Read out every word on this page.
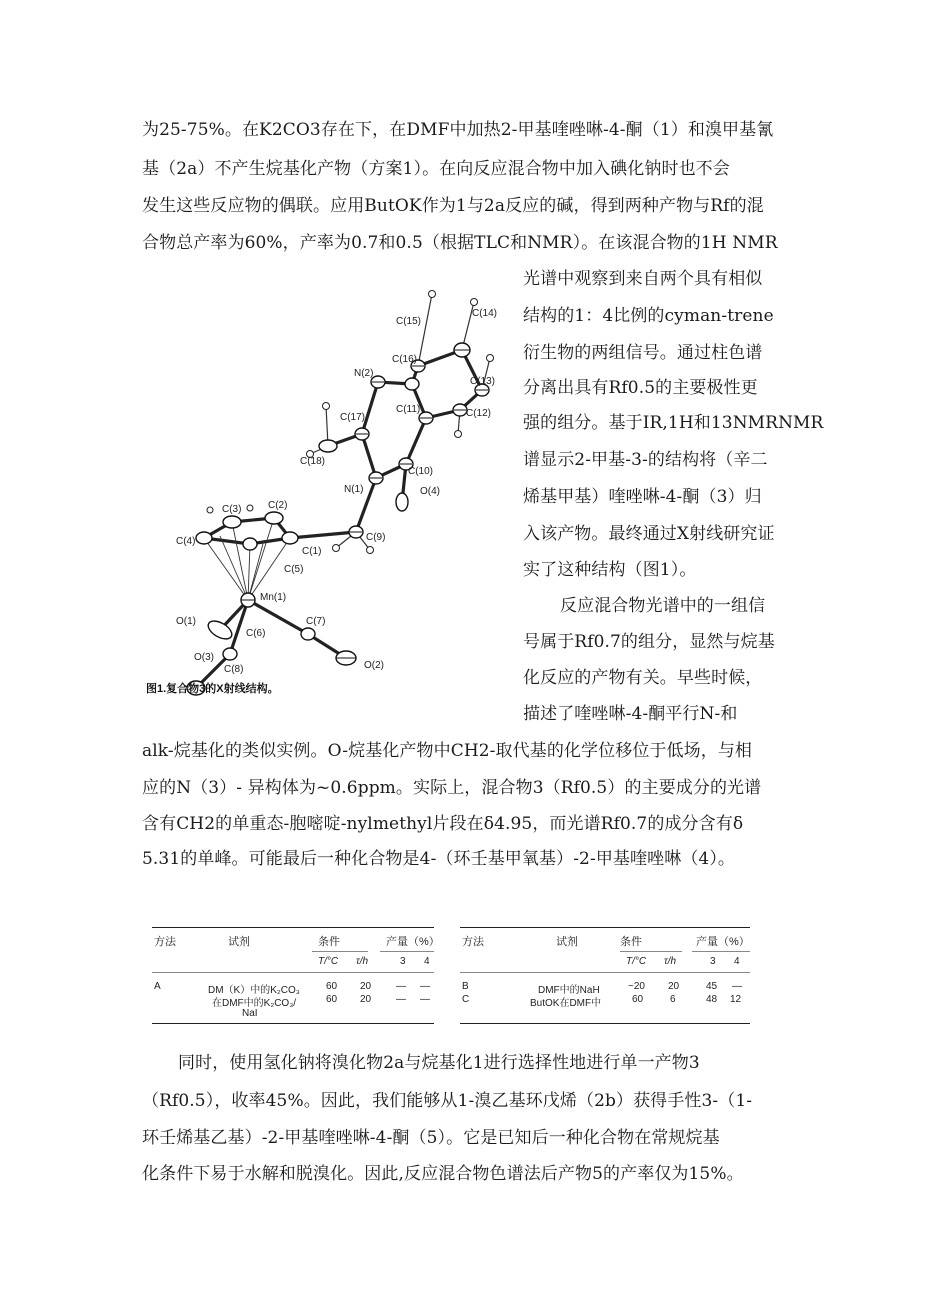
为25-75%。在K2CO3存在下，在DMF中加热2-甲基喹唑啉-4-酮（1）和溴甲基氰
基（2a）不产生烷基化产物（方案1）。在向反应混合物中加入碘化钠时也不会
发生这些反应物的偶联。应用ButOK作为1与2a反应的碱，得到两种产物与Rf的混
合物总产率为60%，产率为0.7和0.5（根据TLC和NMR）。在该混合物的1H NMR
光谱中观察到来自两个具有相似
结构的1：4比例的cyman-trene
衍生物的两组信号。通过柱色谱
分离出具有Rf0.5的主要极性更
强的组分。基于IR,1H和13NMRNMR
谱显示2-甲基-3-的结构将（辛二
烯基甲基）喹唑啉-4-酮（3）归
入该产物。最终通过X射线研究证
实了这种结构（图1）。
反应混合物光谱中的一组信
号属于Rf0.7的组分，显然与烷基
化反应的产物有关。早些时候，
描述了喹唑啉-4-酮平行N-和
alk-烷基化的类似实例。O-烷基化产物中CH2-取代基的化学位移位于低场，与相
应的N（3）- 异构体为~0.6ppm。实际上，混合物3（Rf0.5）的主要成分的光谱
含有CH2的单重态-胞嘧啶-nylmethyl片段在δ4.95，而光谱Rf0.7的成分含有δ
5.31的单峰。可能最后一种化合物是4-（环壬基甲氧基）-2-甲基喹唑啉（4）。
C(14)
C(15)
C(16)
C(13)
N(2)
C(11)	C(12)
C(17)
C(18)
C(10)
N(1)	O(4)
C(3)	C(2)
C(9)
C(4)
C(1)
C(5)
Mn(1)
O(1)
C(6)
C(7)
O(3)
C(8)	O(2)
图1.复合物3的X射线结构。
方法	试剂	条件	产量（%）
T/°C τ/h	3 4
A	DM（K）中的K₂CO₃	60 20 — —
在DMF中的K₂CO₃/	60 20 — —
NaI
方法	试剂	条件	产量（%）
T/°C τ/h	3 4
B	DMF中的NaH	~20 20	45 —
C	ButOK在DMF中	60	6	48 12
同时，使用氢化钠将溴化物2a与烷基化1进行选择性地进行单一产物3
（Rf0.5），收率45%。因此，我们能够从1-溴乙基环戊烯（2b）获得手性3-（1-
环壬烯基乙基）-2-甲基喹唑啉-4-酮（5）。它是已知后一种化合物在常规烷基
化条件下易于水解和脱溴化。因此,反应混合物色谱法后产物5的产率仅为15%。
